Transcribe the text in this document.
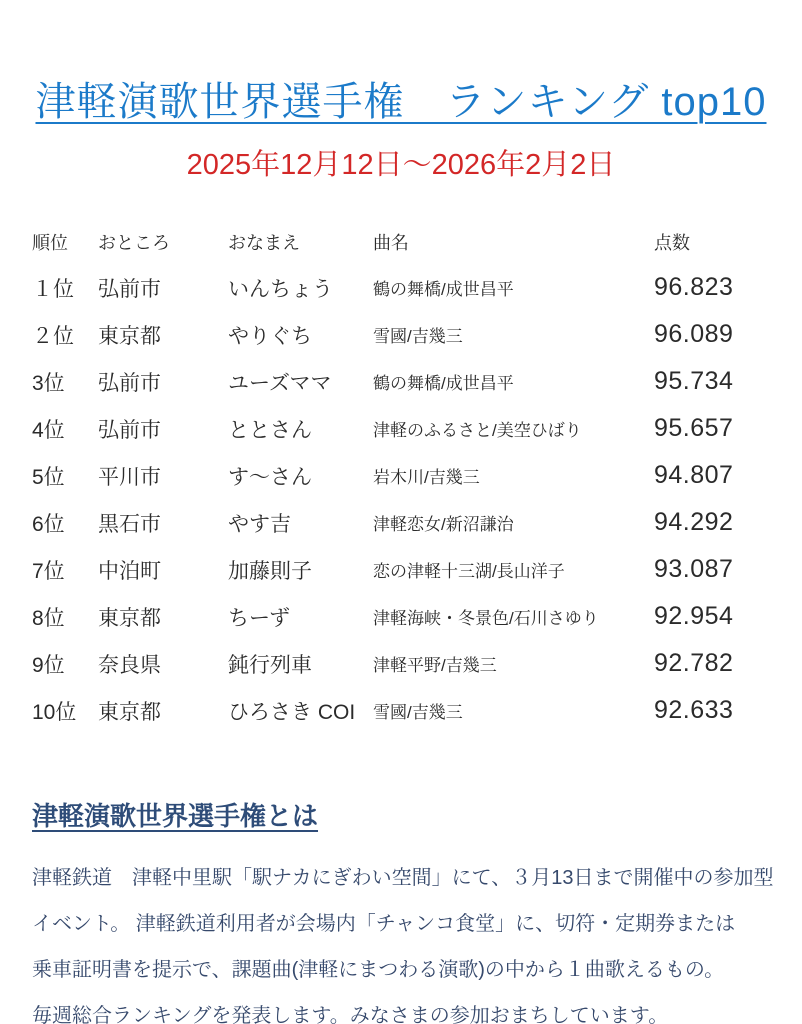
津軽演歌世界選手権　ランキング top10
2025年12月12日～2026年2月2日
順位	おところ	おなまえ	曲名	点数
１位	弘前市	いんちょう	鶴の舞橋/成世昌平	96.823
２位	東京都	やりぐち	雪國/吉幾三	96.089
3位	弘前市	ユーズママ	鶴の舞橋/成世昌平	95.734
4位	弘前市	ととさん	津軽のふるさと/美空ひばり	95.657
5位	平川市	す～さん	岩木川/吉幾三	94.807
6位	黒石市	やす吉	津軽恋女/新沼謙治	94.292
7位	中泊町	加藤則子	恋の津軽十三湖/長山洋子	93.087
8位	東京都	ちーず	津軽海峡・冬景色/石川さゆり	92.954
9位	奈良県	鈍行列車	津軽平野/吉幾三	92.782
10位	東京都	ひろさき COI	雪國/吉幾三	92.633
津軽演歌世界選手権とは

津軽鉄道　津軽中里駅「駅ナカにぎわい空間」にて、３月13日まで開催中の参加型

イベント。 津軽鉄道利用者が会場内「チャンコ食堂」に、切符・定期券または

乗車証明書を提示で、課題曲(津軽にまつわる演歌)の中から１曲歌えるもの。

毎週総合ランキングを発表します。みなさまの参加おまちしています。
